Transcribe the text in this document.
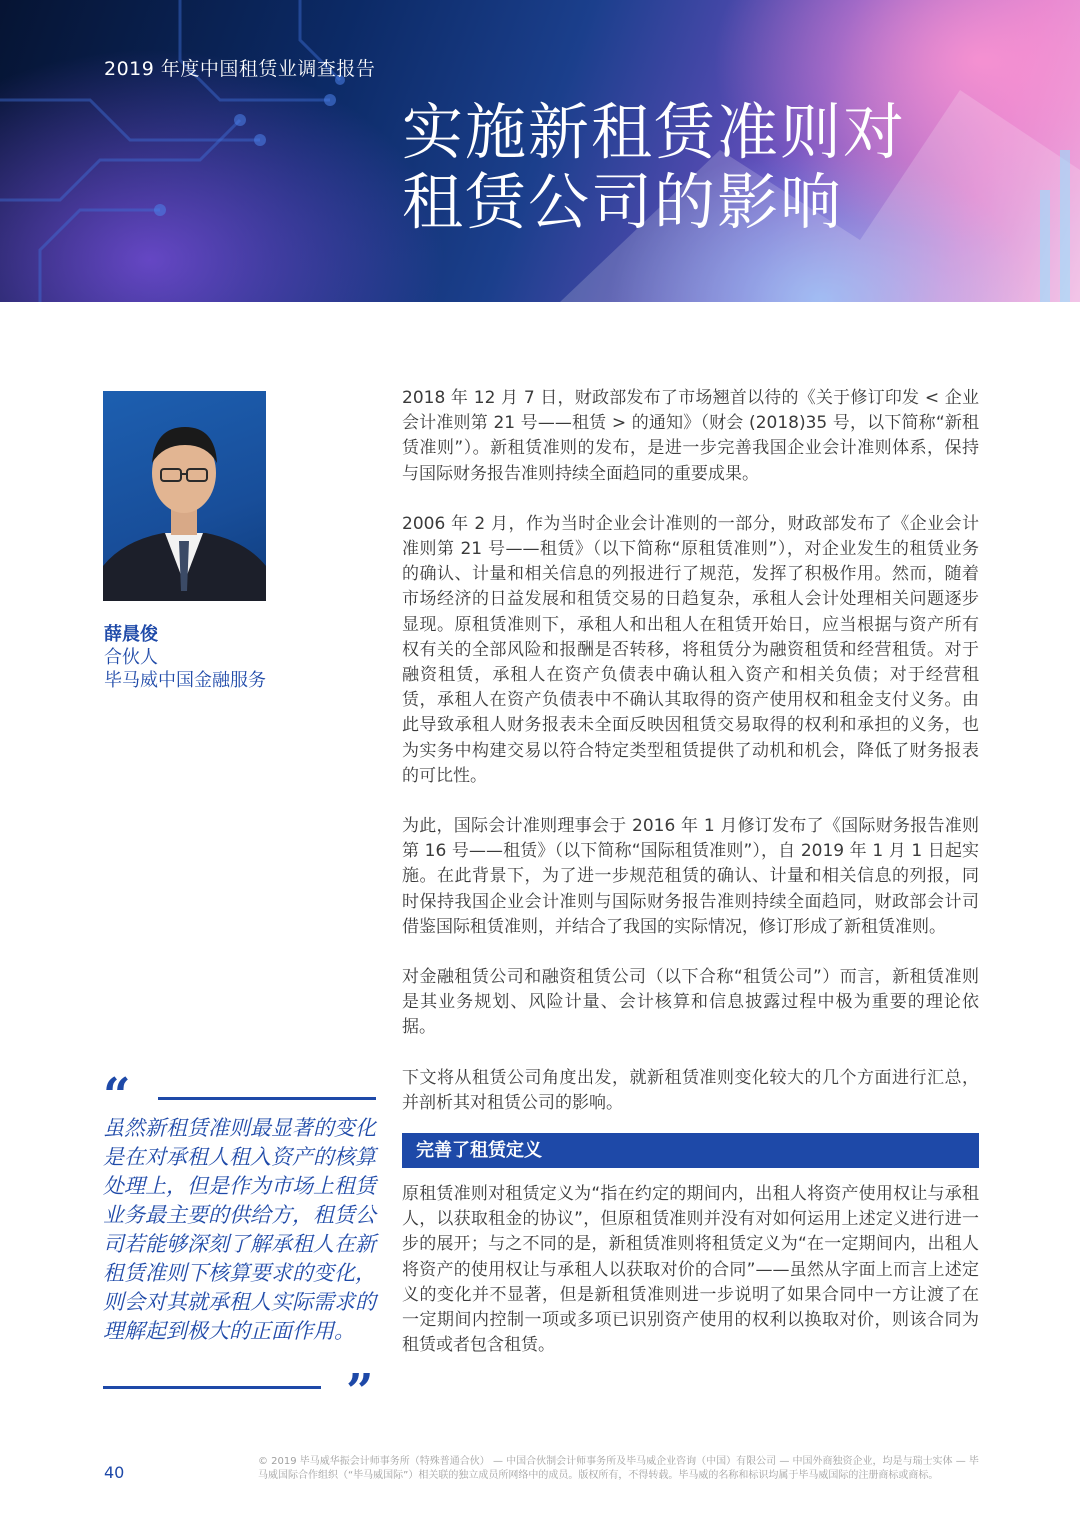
2019 年度中国租赁业调查报告
实施新租赁准则对
租赁公司的影响
薛晨俊
合伙人
毕马威中国金融服务
“

虽然新租赁准则最显著的变化是在对承租人租入资产的核算处理上，但是作为市场上租赁业务最主要的供给方，租赁公司若能够深刻了解承租人在新租赁准则下核算要求的变化，则会对其就承租人实际需求的理解起到极大的正面作用。

”

2018 年 12 月 7 日，财政部发布了市场翘首以待的《关于修订印发 < 企业会计准则第 21 号——租赁 > 的通知》（财会 (2018)35 号，以下简称“新租赁准则”）。新租赁准则的发布，是进一步完善我国企业会计准则体系，保持与国际财务报告准则持续全面趋同的重要成果。

2006 年 2 月，作为当时企业会计准则的一部分，财政部发布了《企业会计准则第 21 号——租赁》（以下简称“原租赁准则”），对企业发生的租赁业务的确认、计量和相关信息的列报进行了规范，发挥了积极作用。然而，随着市场经济的日益发展和租赁交易的日趋复杂，承租人会计处理相关问题逐步显现。原租赁准则下，承租人和出租人在租赁开始日，应当根据与资产所有权有关的全部风险和报酬是否转移，将租赁分为融资租赁和经营租赁。对于融资租赁，承租人在资产负债表中确认租入资产和相关负债；对于经营租赁，承租人在资产负债表中不确认其取得的资产使用权和租金支付义务。由此导致承租人财务报表未全面反映因租赁交易取得的权利和承担的义务，也为实务中构建交易以符合特定类型租赁提供了动机和机会，降低了财务报表的可比性。

为此，国际会计准则理事会于 2016 年 1 月修订发布了《国际财务报告准则第 16 号——租赁》（以下简称“国际租赁准则”），自 2019 年 1 月 1 日起实施。在此背景下，为了进一步规范租赁的确认、计量和相关信息的列报，同时保持我国企业会计准则与国际财务报告准则持续全面趋同，财政部会计司借鉴国际租赁准则，并结合了我国的实际情况，修订形成了新租赁准则。

对金融租赁公司和融资租赁公司（以下合称“租赁公司”）而言，新租赁准则是其业务规划、风险计量、会计核算和信息披露过程中极为重要的理论依据。

下文将从租赁公司角度出发，就新租赁准则变化较大的几个方面进行汇总，并剖析其对租赁公司的影响。

完善了租赁定义

原租赁准则对租赁定义为“指在约定的期间内，出租人将资产使用权让与承租人，以获取租金的协议”，但原租赁准则并没有对如何运用上述定义进行进一步的展开；与之不同的是，新租赁准则将租赁定义为“在一定期间内，出租人将资产的使用权让与承租人以获取对价的合同”——虽然从字面上而言上述定义的变化并不显著，但是新租赁准则进一步说明了如果合同中一方让渡了在一定期间内控制一项或多项已识别资产使用的权利以换取对价，则该合同为租赁或者包含租赁。

40

© 2019 毕马威华振会计师事务所（特殊普通合伙） — 中国合伙制会计师事务所及毕马威企业咨询（中国）有限公司 — 中国外商独资企业，均是与瑞士实体 — 毕马威国际合作组织（“毕马威国际”）相关联的独立成员所网络中的成员。版权所有，不得转载。毕马威的名称和标识均属于毕马威国际的注册商标或商标。
